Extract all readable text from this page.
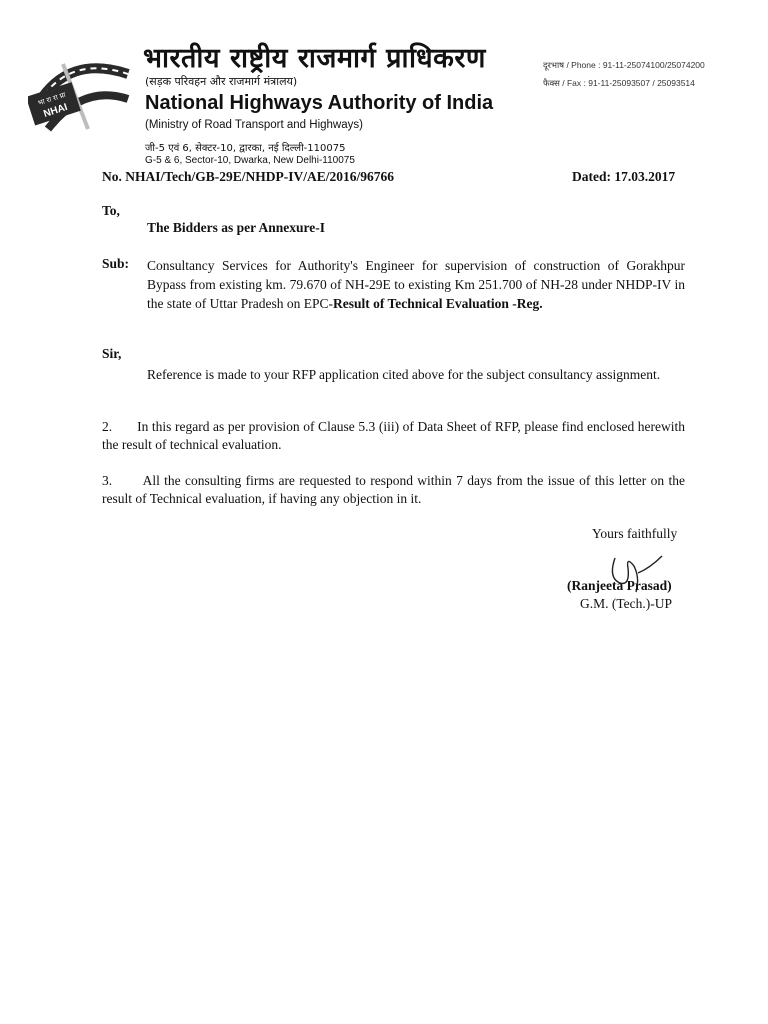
भा रा रा प्रा
NHAI
भारतीय राष्ट्रीय राजमार्ग प्राधिकरण
(सड़क परिवहन और राजमार्ग मंत्रालय)
National Highways Authority of India
(Ministry of Road Transport and Highways)
जी-5 एवं 6, सेक्टर-10, द्वारका, नई दिल्ली-110075
G-5 & 6, Sector-10, Dwarka, New Delhi-110075
दूरभाष / Phone : 91-11-25074100/25074200
फैक्स / Fax : 91-11-25093507 / 25093514
No. NHAI/Tech/GB-29E/NHDP-IV/AE/2016/96766	Dated: 17.03.2017
To,
The Bidders as per Annexure-I
Sub: Consultancy Services for Authority's Engineer for supervision of construction of Gorakhpur Bypass from existing km. 79.670 of NH-29E to existing Km 251.700 of NH-28 under NHDP-IV in the state of Uttar Pradesh on EPC-Result of Technical Evaluation -Reg.
Sir,
Reference is made to your RFP application cited above for the subject consultancy assignment.
2.       In this regard as per provision of Clause 5.3 (iii) of Data Sheet of RFP, please find enclosed herewith the result of technical evaluation.
3.       All the consulting firms are requested to respond within 7 days from the issue of this letter on the result of Technical evaluation, if having any objection in it.
Yours faithfully
(Ranjeeta Prasad)
G.M. (Tech.)-UP
